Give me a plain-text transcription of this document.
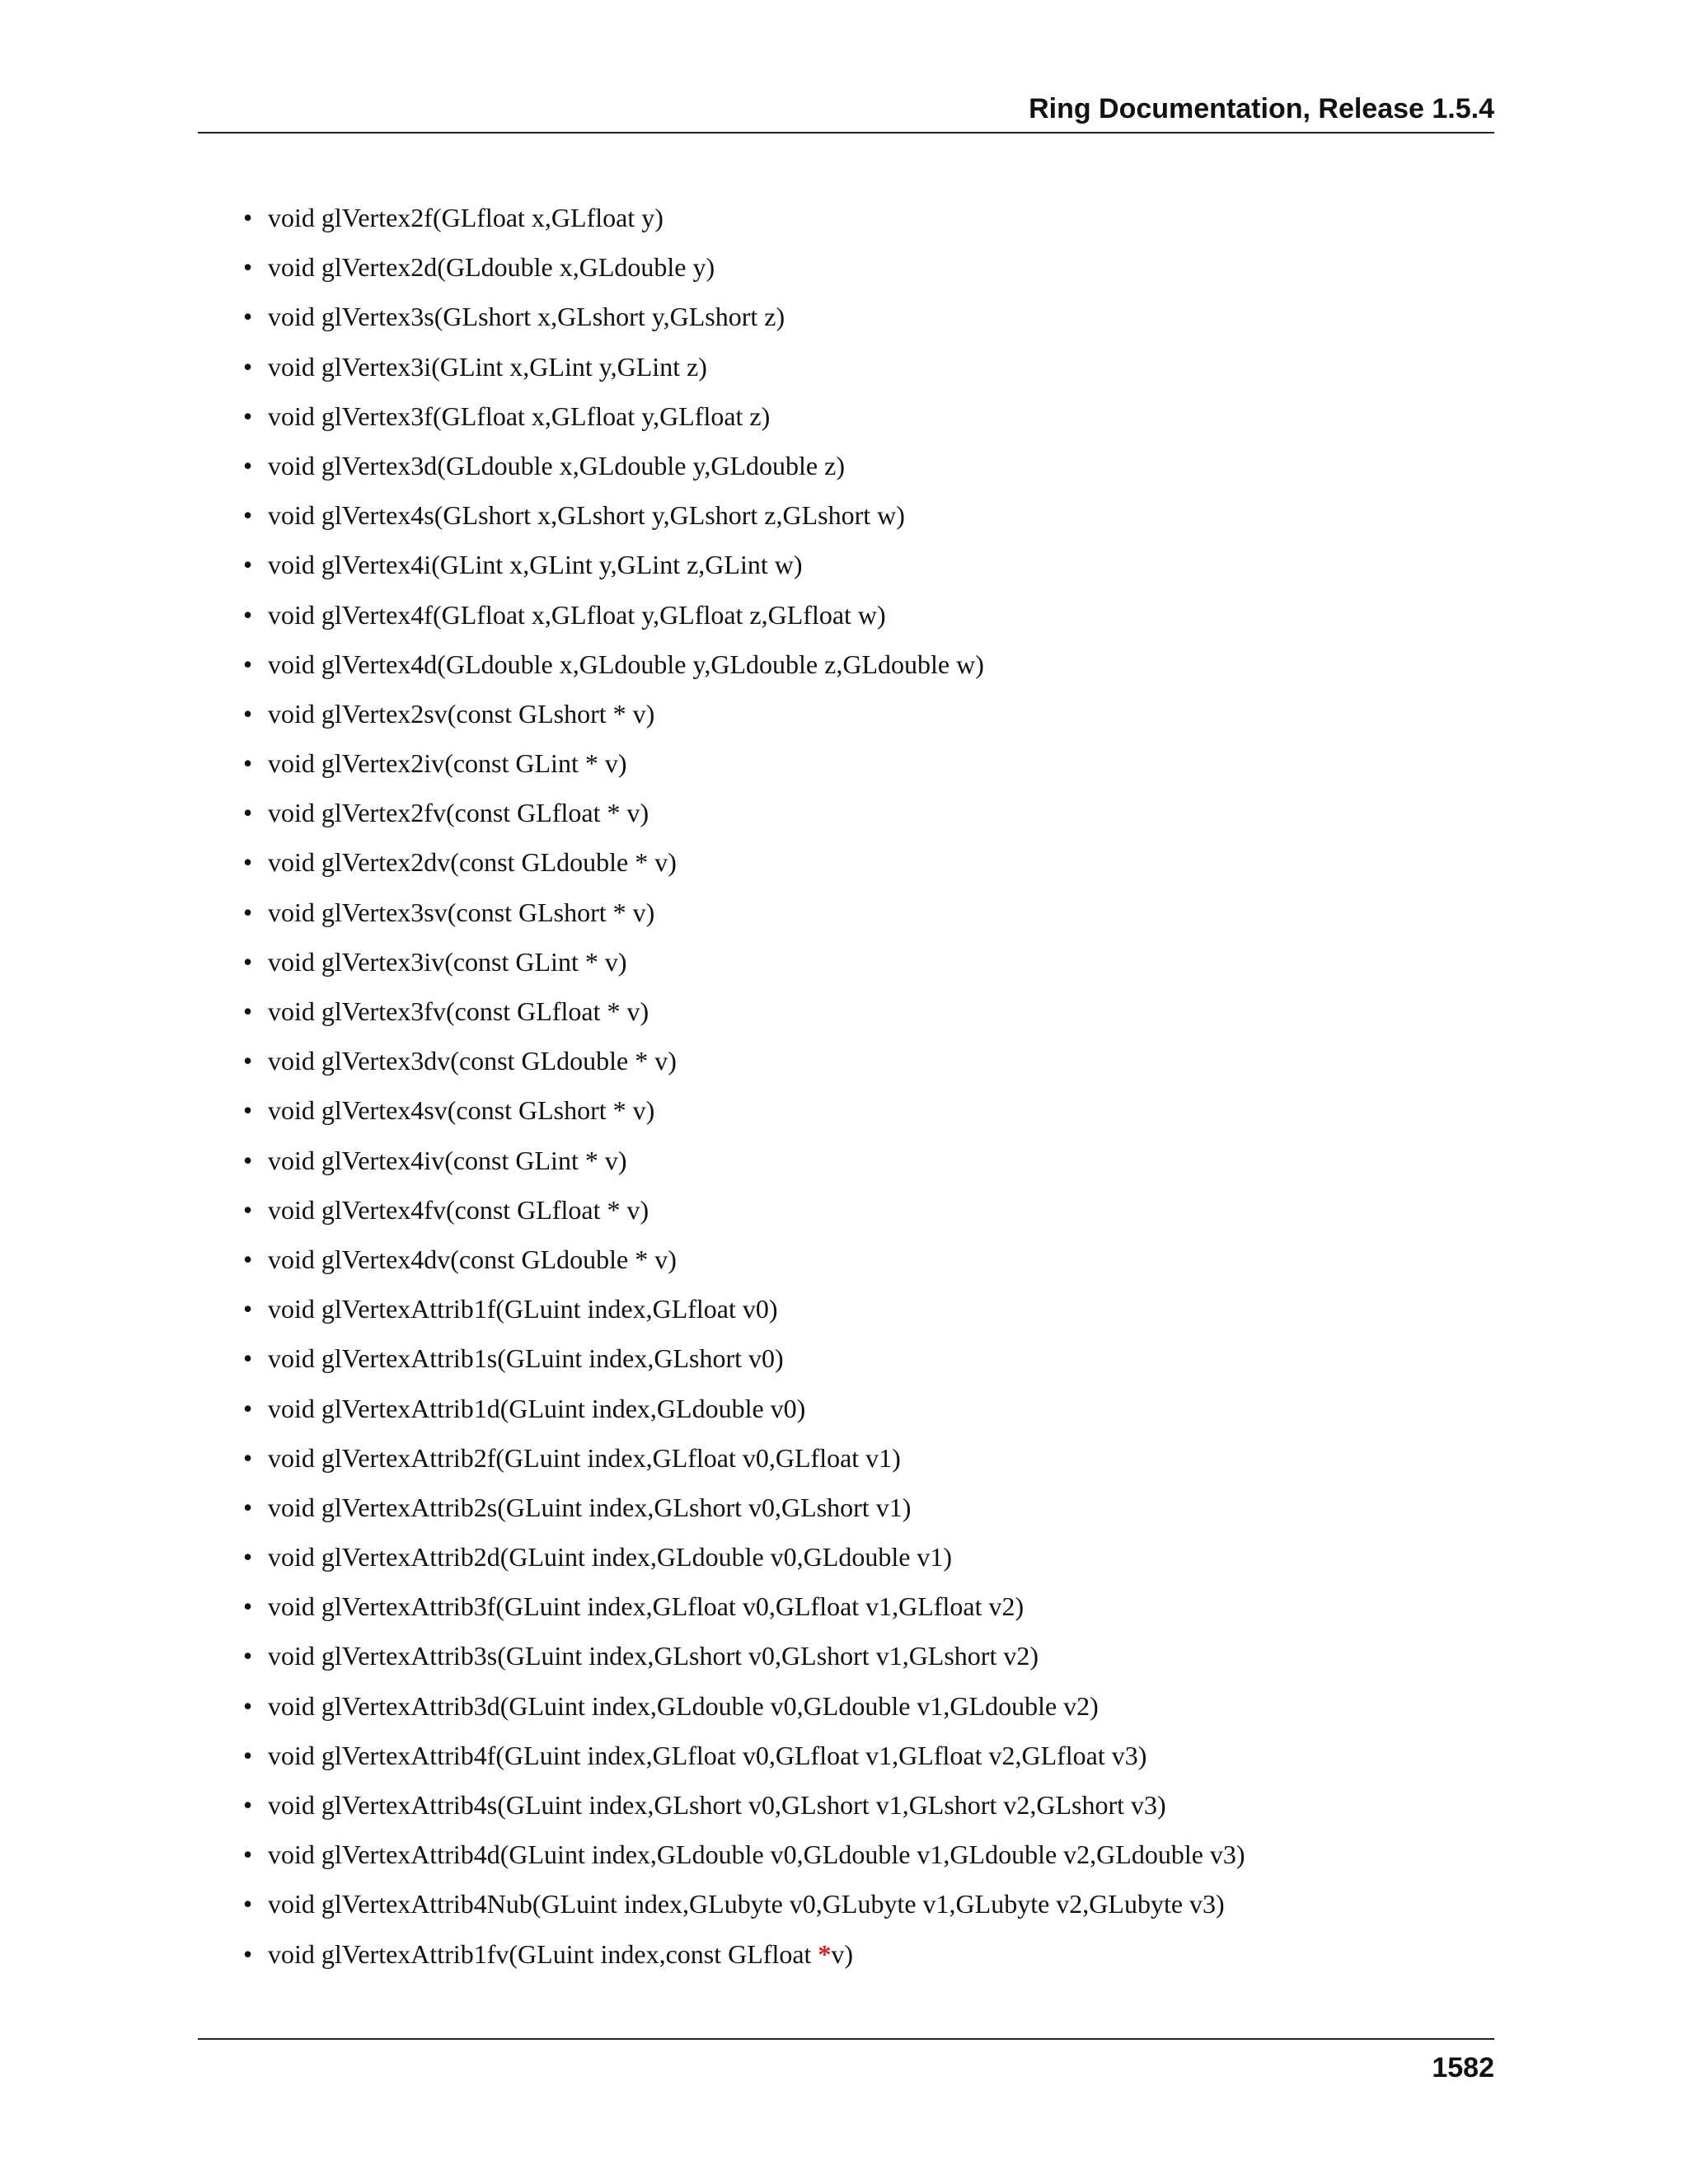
Ring Documentation, Release 1.5.4
• void glVertex2f(GLfloat x,GLfloat y)
• void glVertex2d(GLdouble x,GLdouble y)
• void glVertex3s(GLshort x,GLshort y,GLshort z)
• void glVertex3i(GLint x,GLint y,GLint z)
• void glVertex3f(GLfloat x,GLfloat y,GLfloat z)
• void glVertex3d(GLdouble x,GLdouble y,GLdouble z)
• void glVertex4s(GLshort x,GLshort y,GLshort z,GLshort w)
• void glVertex4i(GLint x,GLint y,GLint z,GLint w)
• void glVertex4f(GLfloat x,GLfloat y,GLfloat z,GLfloat w)
• void glVertex4d(GLdouble x,GLdouble y,GLdouble z,GLdouble w)
• void glVertex2sv(const GLshort * v)
• void glVertex2iv(const GLint * v)
• void glVertex2fv(const GLfloat * v)
• void glVertex2dv(const GLdouble * v)
• void glVertex3sv(const GLshort * v)
• void glVertex3iv(const GLint * v)
• void glVertex3fv(const GLfloat * v)
• void glVertex3dv(const GLdouble * v)
• void glVertex4sv(const GLshort * v)
• void glVertex4iv(const GLint * v)
• void glVertex4fv(const GLfloat * v)
• void glVertex4dv(const GLdouble * v)
• void glVertexAttrib1f(GLuint index,GLfloat v0)
• void glVertexAttrib1s(GLuint index,GLshort v0)
• void glVertexAttrib1d(GLuint index,GLdouble v0)
• void glVertexAttrib2f(GLuint index,GLfloat v0,GLfloat v1)
• void glVertexAttrib2s(GLuint index,GLshort v0,GLshort v1)
• void glVertexAttrib2d(GLuint index,GLdouble v0,GLdouble v1)
• void glVertexAttrib3f(GLuint index,GLfloat v0,GLfloat v1,GLfloat v2)
• void glVertexAttrib3s(GLuint index,GLshort v0,GLshort v1,GLshort v2)
• void glVertexAttrib3d(GLuint index,GLdouble v0,GLdouble v1,GLdouble v2)
• void glVertexAttrib4f(GLuint index,GLfloat v0,GLfloat v1,GLfloat v2,GLfloat v3)
• void glVertexAttrib4s(GLuint index,GLshort v0,GLshort v1,GLshort v2,GLshort v3)
• void glVertexAttrib4d(GLuint index,GLdouble v0,GLdouble v1,GLdouble v2,GLdouble v3)
• void glVertexAttrib4Nub(GLuint index,GLubyte v0,GLubyte v1,GLubyte v2,GLubyte v3)
• void glVertexAttrib1fv(GLuint index,const GLfloat *v)
1582
